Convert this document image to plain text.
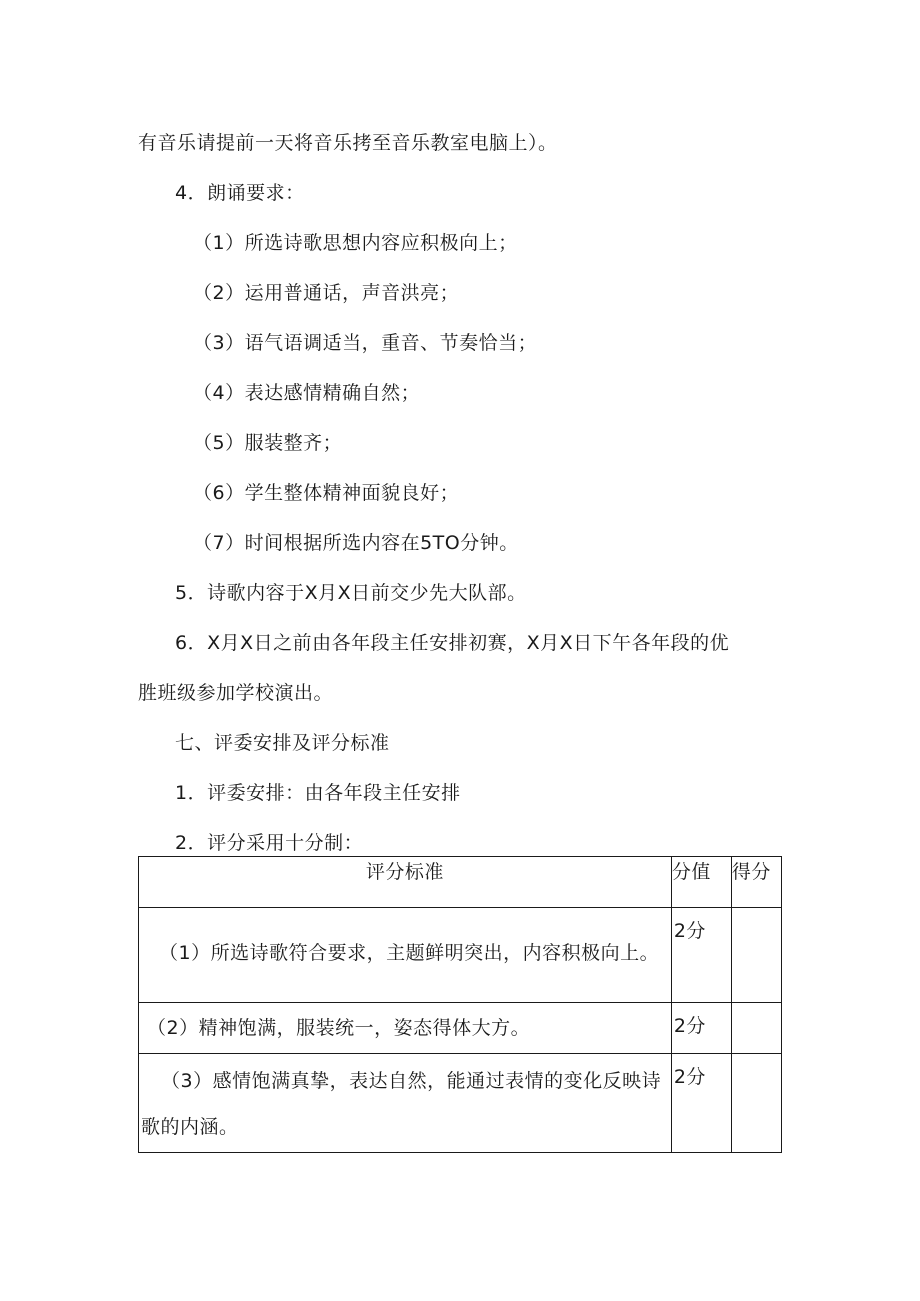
有音乐请提前一天将音乐拷至音乐教室电脑上）。
4．朗诵要求：
（1）所选诗歌思想内容应积极向上；
（2）运用普通话，声音洪亮；
（3）语气语调适当，重音、节奏恰当；
（4）表达感情精确自然；
（5）服装整齐；
（6）学生整体精神面貌良好；
（7）时间根据所选内容在5TO分钟。
5．诗歌内容于X月X日前交少先大队部。
6．X月X日之前由各年段主任安排初赛，X月X日下午各年段的优
胜班级参加学校演出。
七、评委安排及评分标准
1．评委安排：由各年段主任安排
2．评分采用十分制：
评分标准	分值	得分

（1）所选诗歌符合要求，主题鲜明突出，内容积极向上。	2分	

（2）精神饱满，服装统一，姿态得体大方。	2分	

（3）感情饱满真挚，表达自然，能通过表情的变化反映诗
歌的内涵。	2分	
